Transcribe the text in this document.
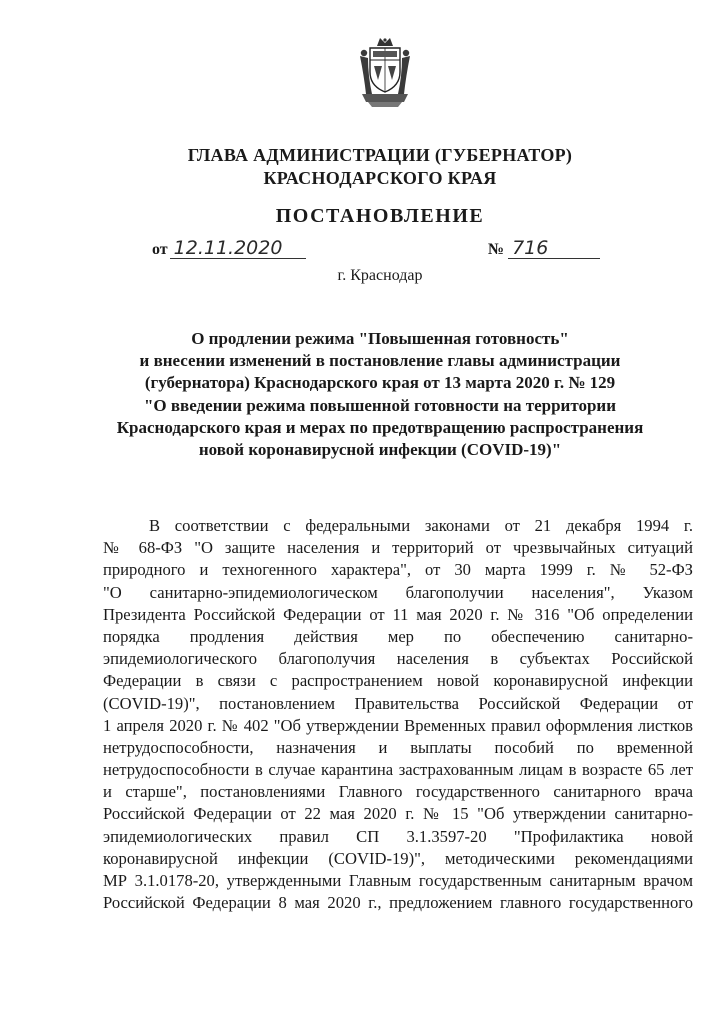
ГЛАВА АДМИНИСТРАЦИИ (ГУБЕРНАТОР)
КРАСНОДАРСКОГО КРАЯ
ПОСТАНОВЛЕНИЕ
от 12.11.2020	№ 716
г. Краснодар
О продлении режима "Повышенная готовность"
и внесении изменений в постановление главы администрации
(губернатора) Краснодарского края от 13 марта 2020 г. № 129
"О введении режима повышенной готовности на территории
Краснодарского края и мерах по предотвращению распространения
новой коронавирусной инфекции (COVID-19)"
В соответствии с федеральными законами от 21 декабря 1994 г.
№ 68-ФЗ "О защите населения и территорий от чрезвычайных ситуаций
природного и техногенного характера", от 30 марта 1999 г. № 52-ФЗ
"О санитарно-эпидемиологическом благополучии населения", Указом
Президента Российской Федерации от 11 мая 2020 г. № 316 "Об определении
порядка продления действия мер по обеспечению санитарно-
эпидемиологического благополучия населения в субъектах Российской
Федерации в связи с распространением новой коронавирусной инфекции
(COVID-19)", постановлением Правительства Российской Федерации от
1 апреля 2020 г. № 402 "Об утверждении Временных правил оформления листков
нетрудоспособности, назначения и выплаты пособий по временной
нетрудоспособности в случае карантина застрахованным лицам в возрасте 65 лет
и старше", постановлениями Главного государственного санитарного врача
Российской Федерации от 22 мая 2020 г. № 15 "Об утверждении санитарно-
эпидемиологических правил СП 3.1.3597-20 "Профилактика новой
коронавирусной инфекции (COVID-19)", методическими рекомендациями
МР 3.1.0178-20, утвержденными Главным государственным санитарным врачом
Российской Федерации 8 мая 2020 г., предложением главного государственного
